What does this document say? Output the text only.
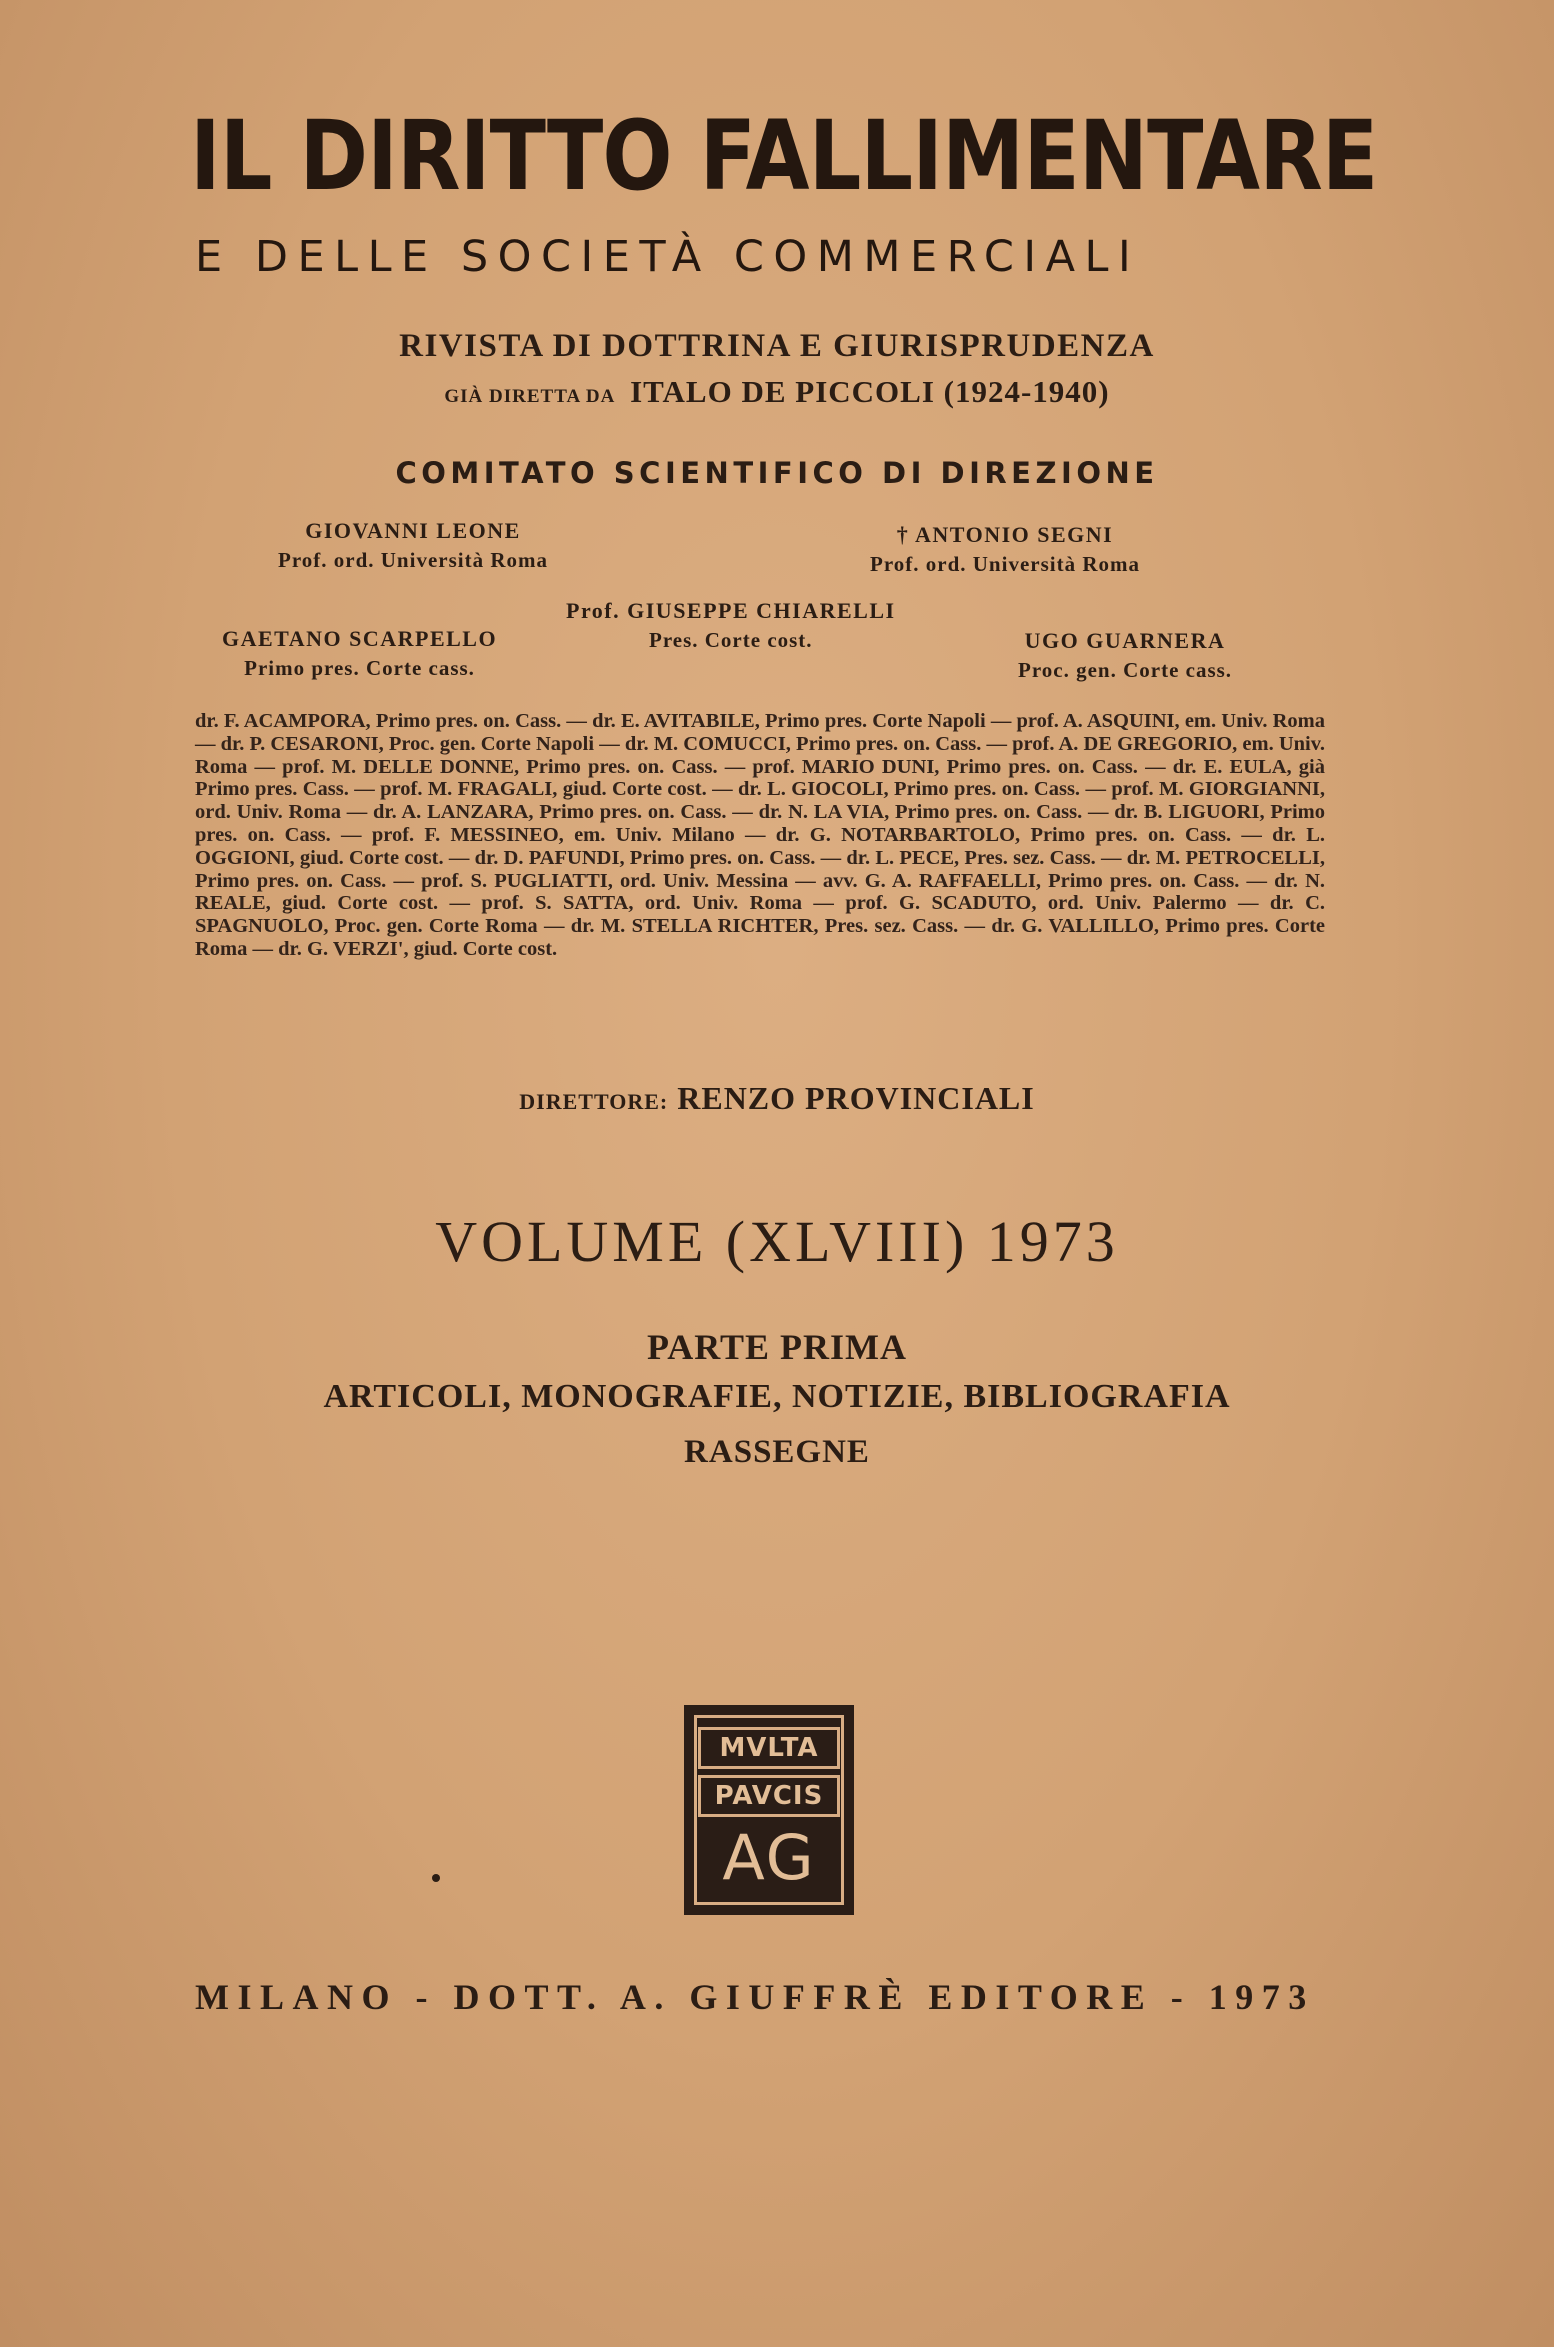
IL DIRITTO FALLIMENTARE
E DELLE SOCIETÀ COMMERCIALI
RIVISTA DI DOTTRINA E GIURISPRUDENZA
GIÀ DIRETTA DA ITALO DE PICCOLI (1924-1940)
COMITATO SCIENTIFICO DI DIREZIONE
GIOVANNI LEONE
Prof. ord. Università Roma
† ANTONIO SEGNI
Prof. ord. Università Roma
Prof. GIUSEPPE CHIARELLI
Pres. Corte cost.
GAETANO SCARPELLO
Primo pres. Corte cass.
UGO GUARNERA
Proc. gen. Corte cass.
dr. F. ACAMPORA, Primo pres. on. Cass. — dr. E. AVITABILE, Primo pres. Corte Napoli — prof. A. ASQUINI, em. Univ. Roma — dr. P. CESARONI, Proc. gen. Corte Napoli — dr. M. COMUCCI, Primo pres. on. Cass. — prof. A. DE GREGORIO, em. Univ. Roma — prof. M. DELLE DONNE, Primo pres. on. Cass. — prof. MARIO DUNI, Primo pres. on. Cass. — dr. E. EULA, già Primo pres. Cass. — prof. M. FRAGALI, giud. Corte cost. — dr. L. GIOCOLI, Primo pres. on. Cass. — prof. M. GIORGIANNI, ord. Univ. Roma — dr. A. LANZARA, Primo pres. on. Cass. — dr. N. LA VIA, Primo pres. on. Cass. — dr. B. LIGUORI, Primo pres. on. Cass. — prof. F. MESSINEO, em. Univ. Milano — dr. G. NOTARBARTOLO, Primo pres. on. Cass. — dr. L. OGGIONI, giud. Corte cost. — dr. D. PAFUNDI, Primo pres. on. Cass. — dr. L. PECE, Pres. sez. Cass. — dr. M. PETROCELLI, Primo pres. on. Cass. — prof. S. PUGLIATTI, ord. Univ. Messina — avv. G. A. RAFFAELLI, Primo pres. on. Cass. — dr. N. REALE, giud. Corte cost. — prof. S. SATTA, ord. Univ. Roma — prof. G. SCADUTO, ord. Univ. Palermo — dr. C. SPAGNUOLO, Proc. gen. Corte Roma — dr. M. STELLA RICHTER, Pres. sez. Cass. — dr. G. VALLILLO, Primo pres. Corte Roma — dr. G. VERZI', giud. Corte cost.
DIRETTORE: RENZO PROVINCIALI
VOLUME (XLVIII) 1973
PARTE PRIMA
ARTICOLI, MONOGRAFIE, NOTIZIE, BIBLIOGRAFIA
RASSEGNE
MVLTA
PAVCIS
AG
MILANO - DOTT. A. GIUFFRÈ EDITORE - 1973
